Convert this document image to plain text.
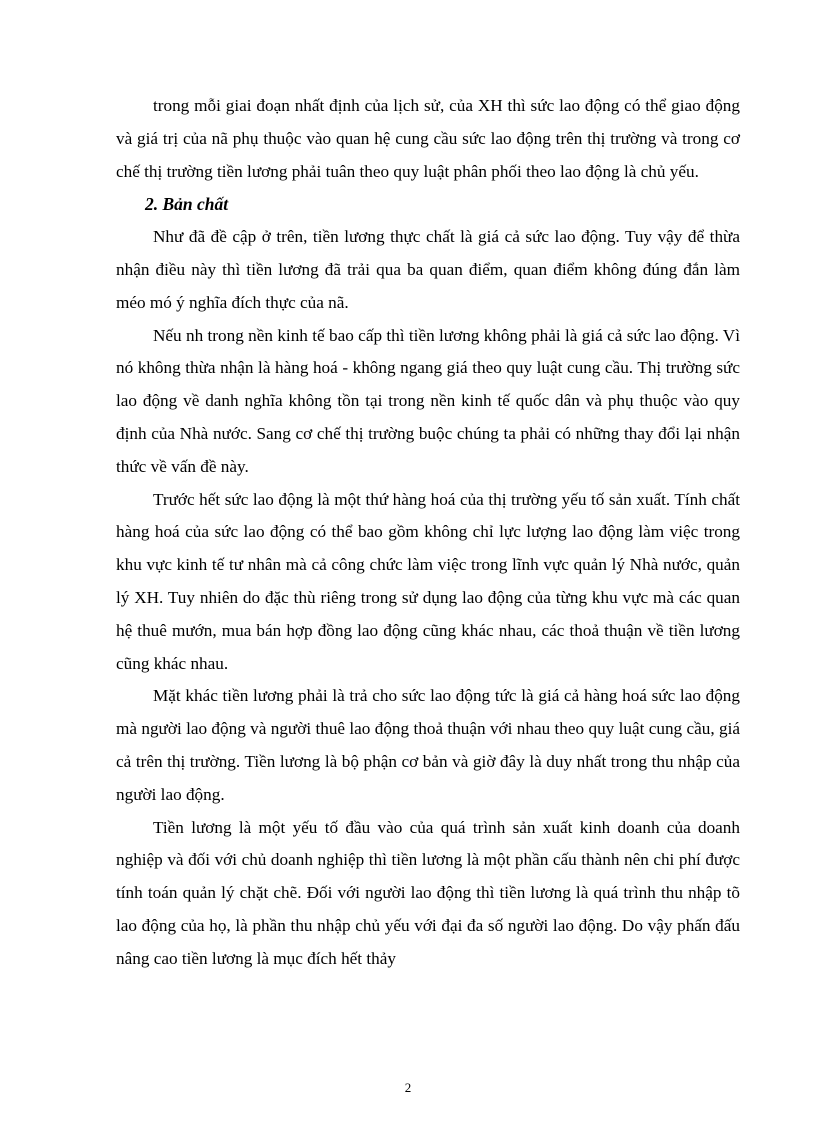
trong mỗi giai đoạn nhất định của lịch sử, của XH thì sức lao động có thể giao động và giá trị của nã phụ thuộc vào quan hệ cung cầu sức lao động trên thị trường và trong cơ chế thị trường tiền lương phải tuân theo quy luật phân phối theo lao động là chủ yếu.

2. Bản chất

Như đã đề cập ở trên, tiền lương thực chất là giá cả sức lao động. Tuy vậy để thừa nhận điều này thì tiền lương đã trải qua ba quan điểm, quan điểm không đúng đắn làm méo mó ý nghĩa đích thực của nã.

Nếu nh trong nền kinh tế bao cấp thì tiền lương không phải là giá cả sức lao động. Vì nó không thừa nhận là hàng hoá - không ngang giá theo quy luật cung cầu. Thị trường sức lao động về danh nghĩa không tồn tại trong nền kinh tế quốc dân và phụ thuộc vào quy định của Nhà nước. Sang cơ chế thị trường buộc chúng ta phải có những thay đổi lại nhận thức về vấn đề này.

Trước hết sức lao động là một thứ hàng hoá của thị trường yếu tố sản xuất. Tính chất hàng hoá của sức lao động có thể bao gồm không chỉ lực lượng lao động làm việc trong khu vực kinh tế tư nhân mà cả công chức làm việc trong lĩnh vực quản lý Nhà nước, quản lý XH. Tuy nhiên do đặc thù riêng trong sử dụng lao động của từng khu vực mà các quan hệ thuê mướn, mua bán hợp đồng lao động cũng khác nhau, các thoả thuận về tiền lương cũng khác nhau.

Mặt khác tiền lương phải là trả cho sức lao động tức là giá cả hàng hoá sức lao động mà người lao động và người thuê lao động thoả thuận với nhau theo quy luật cung cầu, giá cả trên thị trường. Tiền lương là bộ phận cơ bản và giờ đây là duy nhất trong thu nhập của người lao động.

Tiền lương là một yếu tố đầu vào của quá trình sản xuất kinh doanh của doanh nghiệp và đối với chủ doanh nghiệp thì tiền lương là một phần cấu thành nên chi phí được tính toán quản lý chặt chẽ. Đối với người lao động thì tiền lương là quá trình thu nhập tõ lao động của họ, là phần thu nhập chủ yếu với đại đa số người lao động. Do vậy phấn đấu nâng cao tiền lương là mục đích hết thảy

2
